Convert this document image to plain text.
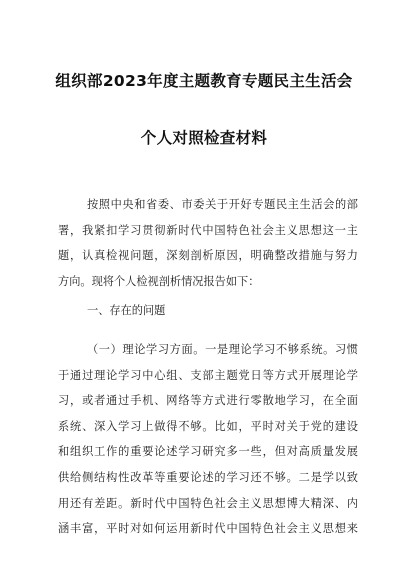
组织部2023年度主题教育专题民主生活会
个人对照检查材料
按照中央和省委、市委关于开好专题民主生活会的部
署，我紧扣学习贯彻新时代中国特色社会主义思想这一主
题，认真检视问题，深刻剖析原因，明确整改措施与努力
方向。现将个人检视剖析情况报告如下：
一、存在的问题
（一）理论学习方面。一是理论学习不够系统。习惯
于通过理论学习中心组、支部主题党日等方式开展理论学
习，或者通过手机、网络等方式进行零散地学习，在全面
系统、深入学习上做得不够。比如，平时对关于党的建设
和组织工作的重要论述学习研究多一些，但对高质量发展
供给侧结构性改革等重要论述的学习还不够。二是学以致
用还有差距。新时代中国特色社会主义思想博大精深、内
涵丰富，平时对如何运用新时代中国特色社会主义思想来
